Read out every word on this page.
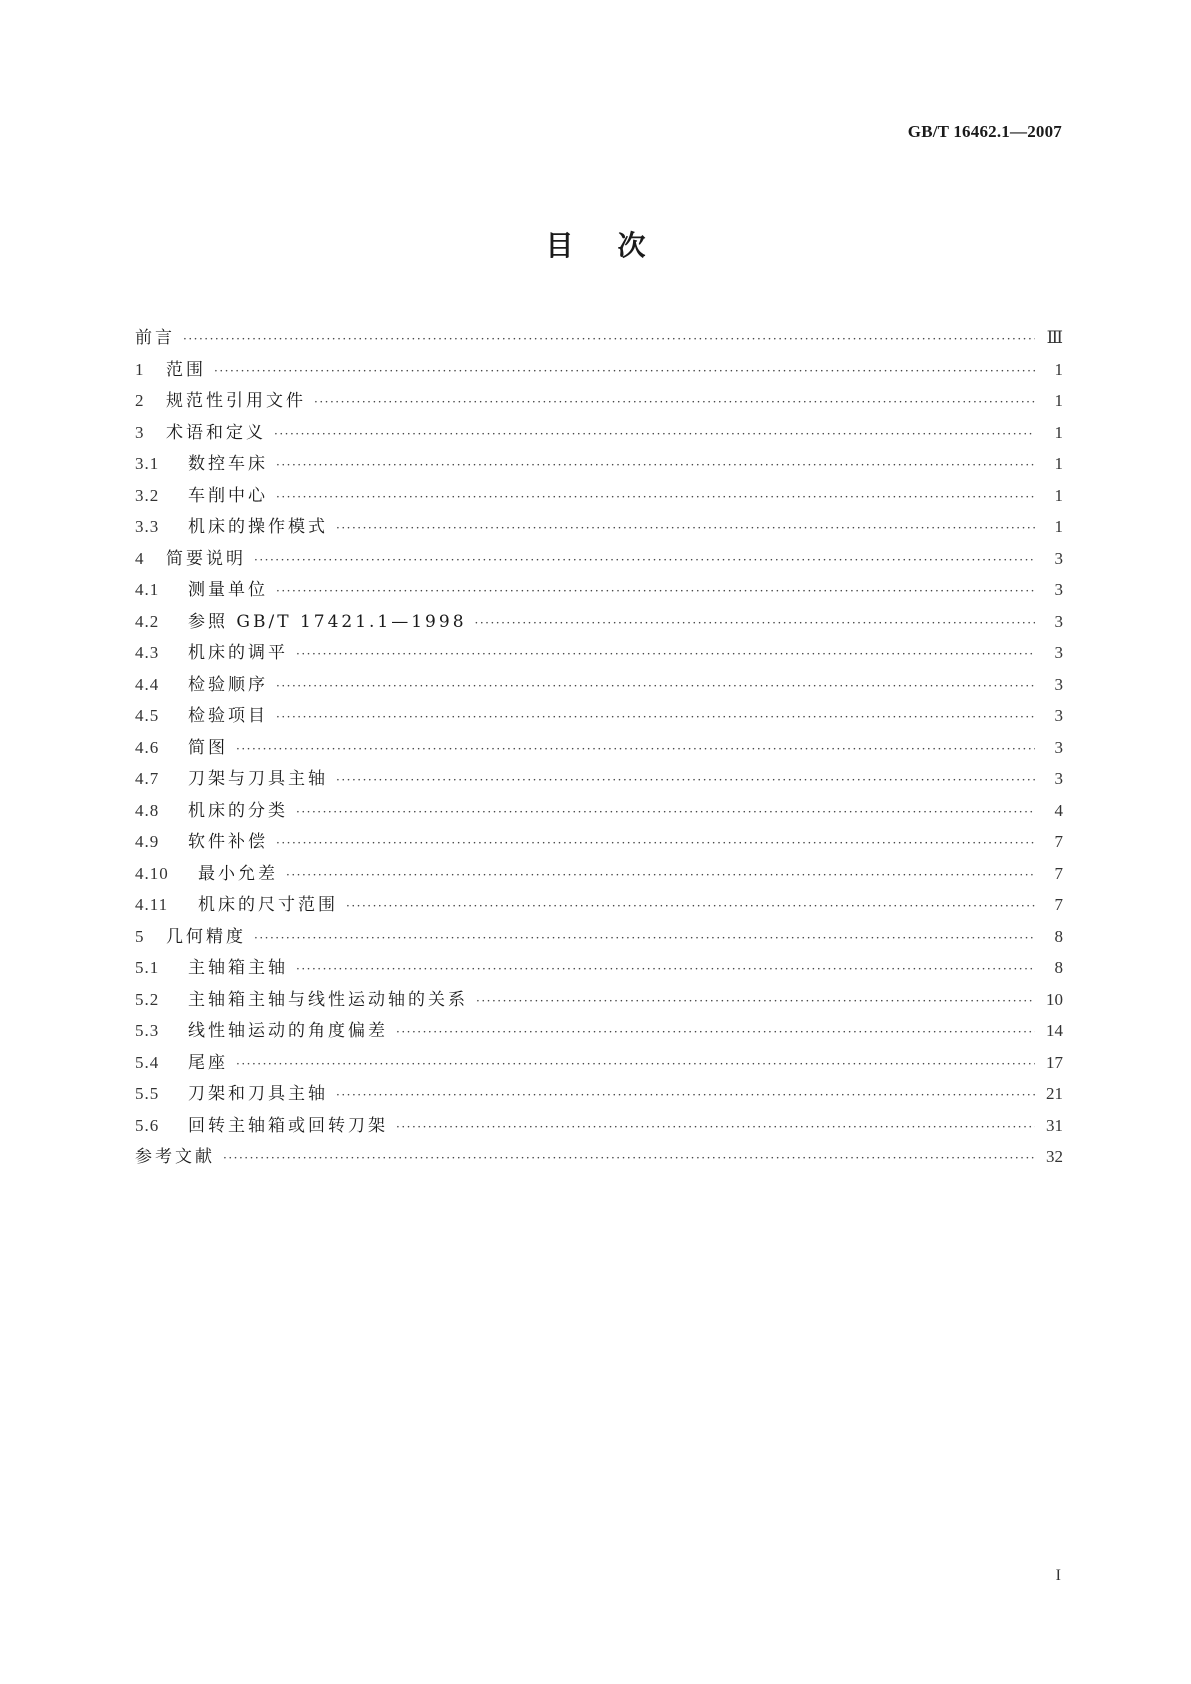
GB/T 16462.1—2007
目次
前言 ·····	Ⅲ
1	范围 ·····	1
2	规范性引用文件 ·····	1
3	术语和定义 ·····	1
3.1	数控车床 ·····	1
3.2	车削中心 ·····	1
3.3	机床的操作模式 ·····	1
4	简要说明 ·····	3
4.1	测量单位 ·····	3
4.2	参照 GB/T 17421.1—1998 ·····	3
4.3	机床的调平 ·····	3
4.4	检验顺序 ·····	3
4.5	检验项目 ·····	3
4.6	简图 ·····	3
4.7	刀架与刀具主轴 ·····	3
4.8	机床的分类 ·····	4
4.9	软件补偿 ·····	7
4.10	最小允差 ·····	7
4.11	机床的尺寸范围 ·····	7
5	几何精度 ·····	8
5.1	主轴箱主轴 ·····	8
5.2	主轴箱主轴与线性运动轴的关系 ·····	10
5.3	线性轴运动的角度偏差 ·····	14
5.4	尾座 ·····	17
5.5	刀架和刀具主轴 ·····	21
5.6	回转主轴箱或回转刀架 ·····	31
参考文献 ·····	32
I
